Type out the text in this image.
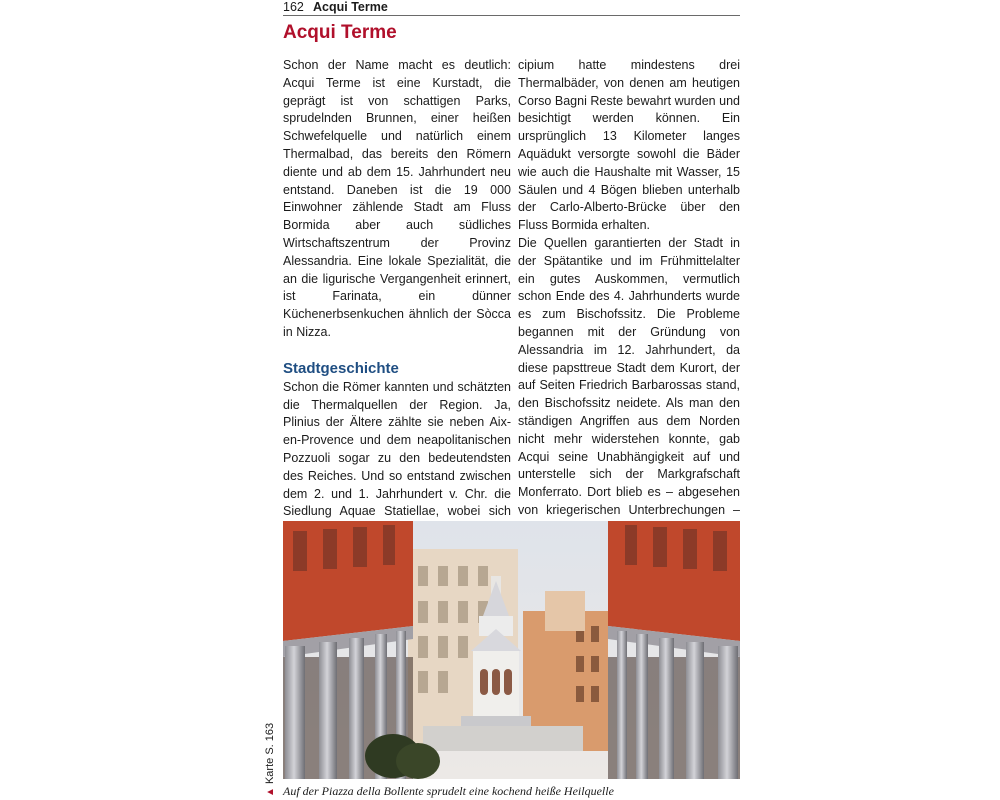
162 Acqui Terme
Acqui Terme

Schon der Name macht es deutlich: Acqui Terme ist eine Kurstadt, die geprägt ist von schattigen Parks, sprudelnden Brunnen, einer heißen Schwefelquelle und natürlich einem Thermalbad, das bereits den Römern diente und ab dem 15. Jahrhundert neu entstand. Daneben ist die 19 000 Einwohner zählende Stadt am Fluss Bormida aber auch südliches Wirtschaftszentrum der Provinz Alessandria. Eine lokale Spezialität, die an die ligurische Vergangenheit erinnert, ist Farinata, ein dünner Küchenerbsenkuchen ähnlich der Sòcca in Nizza.

Stadtgeschichte

Schon die Römer kannten und schätzten die Thermalquellen der Region. Ja, Plinius der Ältere zählte sie neben Aix-en-Provence und dem neapolitanischen Pozzuoli sogar zu den bedeutendsten des Reiches. Und so entstand zwischen dem 2. und 1. Jahrhundert v. Chr. die Siedlung Aquae Statiellae, wobei sich

cipium hatte mindestens drei Thermalbäder, von denen am heutigen Corso Bagni Reste bewahrt wurden und besichtigt werden können. Ein ursprünglich 13 Kilometer langes Aquädukt versorgte sowohl die Bäder wie auch die Haushalte mit Wasser, 15 Säulen und 4 Bögen blieben unterhalb der Carlo-Alberto-Brücke über den Fluss Bormida erhalten.

Die Quellen garantierten der Stadt in der Spätantike und im Frühmittelalter ein gutes Auskommen, vermutlich schon Ende des 4. Jahrhunderts wurde es zum Bischofssitz. Die Probleme begannen mit der Gründung von Alessandria im 12. Jahrhundert, da diese papsttreue Stadt dem Kurort, der auf Seiten Friedrich Barbarossas stand, den Bischofssitz neidete. Als man den ständigen Angriffen aus dem Norden nicht mehr widerstehen konnte, gab Acqui seine Unabhängigkeit auf und unterstelle sich der Markgrafschaft Monferrato. Dort blieb es – abgesehen von kriegerischen Unterbrechungen –

▲ Karte S. 163
Auf der Piazza della Bollente sprudelt eine kochend heiße Heilquelle
